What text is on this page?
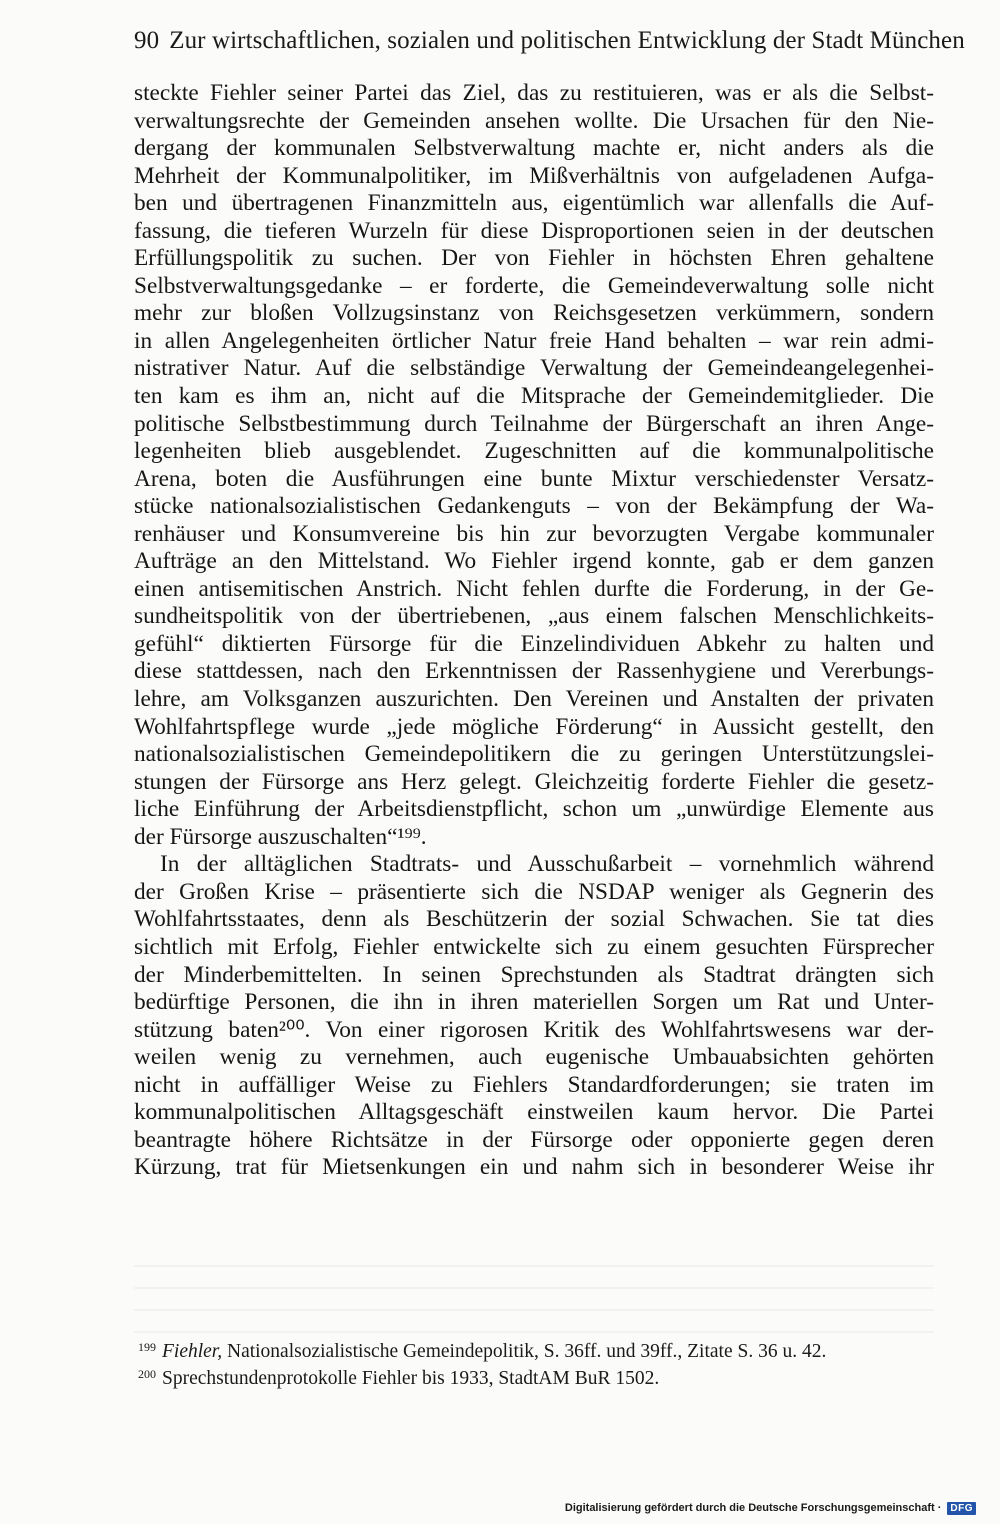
90 Zur wirtschaftlichen, sozialen und politischen Entwicklung der Stadt München
steckte Fiehler seiner Partei das Ziel, das zu restituieren, was er als die Selbst-
verwaltungsrechte der Gemeinden ansehen wollte. Die Ursachen für den Nie-
dergang der kommunalen Selbstverwaltung machte er, nicht anders als die
Mehrheit der Kommunalpolitiker, im Mißverhältnis von aufgeladenen Aufga-
ben und übertragenen Finanzmitteln aus, eigentümlich war allenfalls die Auf-
fassung, die tieferen Wurzeln für diese Disproportionen seien in der deutschen
Erfüllungspolitik zu suchen. Der von Fiehler in höchsten Ehren gehaltene
Selbstverwaltungsgedanke – er forderte, die Gemeindeverwaltung solle nicht
mehr zur bloßen Vollzugsinstanz von Reichsgesetzen verkümmern, sondern
in allen Angelegenheiten örtlicher Natur freie Hand behalten – war rein admi-
nistrativer Natur. Auf die selbständige Verwaltung der Gemeindeangelegenhei-
ten kam es ihm an, nicht auf die Mitsprache der Gemeindemitglieder. Die
politische Selbstbestimmung durch Teilnahme der Bürgerschaft an ihren Ange-
legenheiten blieb ausgeblendet. Zugeschnitten auf die kommunalpolitische
Arena, boten die Ausführungen eine bunte Mixtur verschiedenster Versatz-
stücke nationalsozialistischen Gedankenguts – von der Bekämpfung der Wa-
renhäuser und Konsumvereine bis hin zur bevorzugten Vergabe kommunaler
Aufträge an den Mittelstand. Wo Fiehler irgend konnte, gab er dem ganzen
einen antisemitischen Anstrich. Nicht fehlen durfte die Forderung, in der Ge-
sundheitspolitik von der übertriebenen, „aus einem falschen Menschlichkeits-
gefühl“ diktierten Fürsorge für die Einzelindividuen Abkehr zu halten und
diese stattdessen, nach den Erkenntnissen der Rassenhygiene und Vererbungs-
lehre, am Volksganzen auszurichten. Den Vereinen und Anstalten der privaten
Wohlfahrtspflege wurde „jede mögliche Förderung“ in Aussicht gestellt, den
nationalsozialistischen Gemeindepolitikern die zu geringen Unterstützungslei-
stungen der Fürsorge ans Herz gelegt. Gleichzeitig forderte Fiehler die gesetz-
liche Einführung der Arbeitsdienstpflicht, schon um „unwürdige Elemente aus
der Fürsorge auszuschalten“¹⁹⁹.
In der alltäglichen Stadtrats- und Ausschußarbeit – vornehmlich während
der Großen Krise – präsentierte sich die NSDAP weniger als Gegnerin des
Wohlfahrtsstaates, denn als Beschützerin der sozial Schwachen. Sie tat dies
sichtlich mit Erfolg, Fiehler entwickelte sich zu einem gesuchten Fürsprecher
der Minderbemittelten. In seinen Sprechstunden als Stadtrat drängten sich
bedürftige Personen, die ihn in ihren materiellen Sorgen um Rat und Unter-
stützung baten²⁰⁰. Von einer rigorosen Kritik des Wohlfahrtswesens war der-
weilen wenig zu vernehmen, auch eugenische Umbauabsichten gehörten
nicht in auffälliger Weise zu Fiehlers Standardforderungen; sie traten im
kommunalpolitischen Alltagsgeschäft einstweilen kaum hervor. Die Partei
beantragte höhere Richtsätze in der Fürsorge oder opponierte gegen deren
Kürzung, trat für Mietsenkungen ein und nahm sich in besonderer Weise ihr
$^{199}$ Fiehler, Nationalsozialistische Gemeindepolitik, S. 36ff. und 39ff., Zitate S. 36 u. 42.
$^{200}$ Sprechstundenprotokolle Fiehler bis 1933, StadtAM BuR 1502.
Digitalisierung gefördert durch die Deutsche Forschungsgemeinschaft · DFG
